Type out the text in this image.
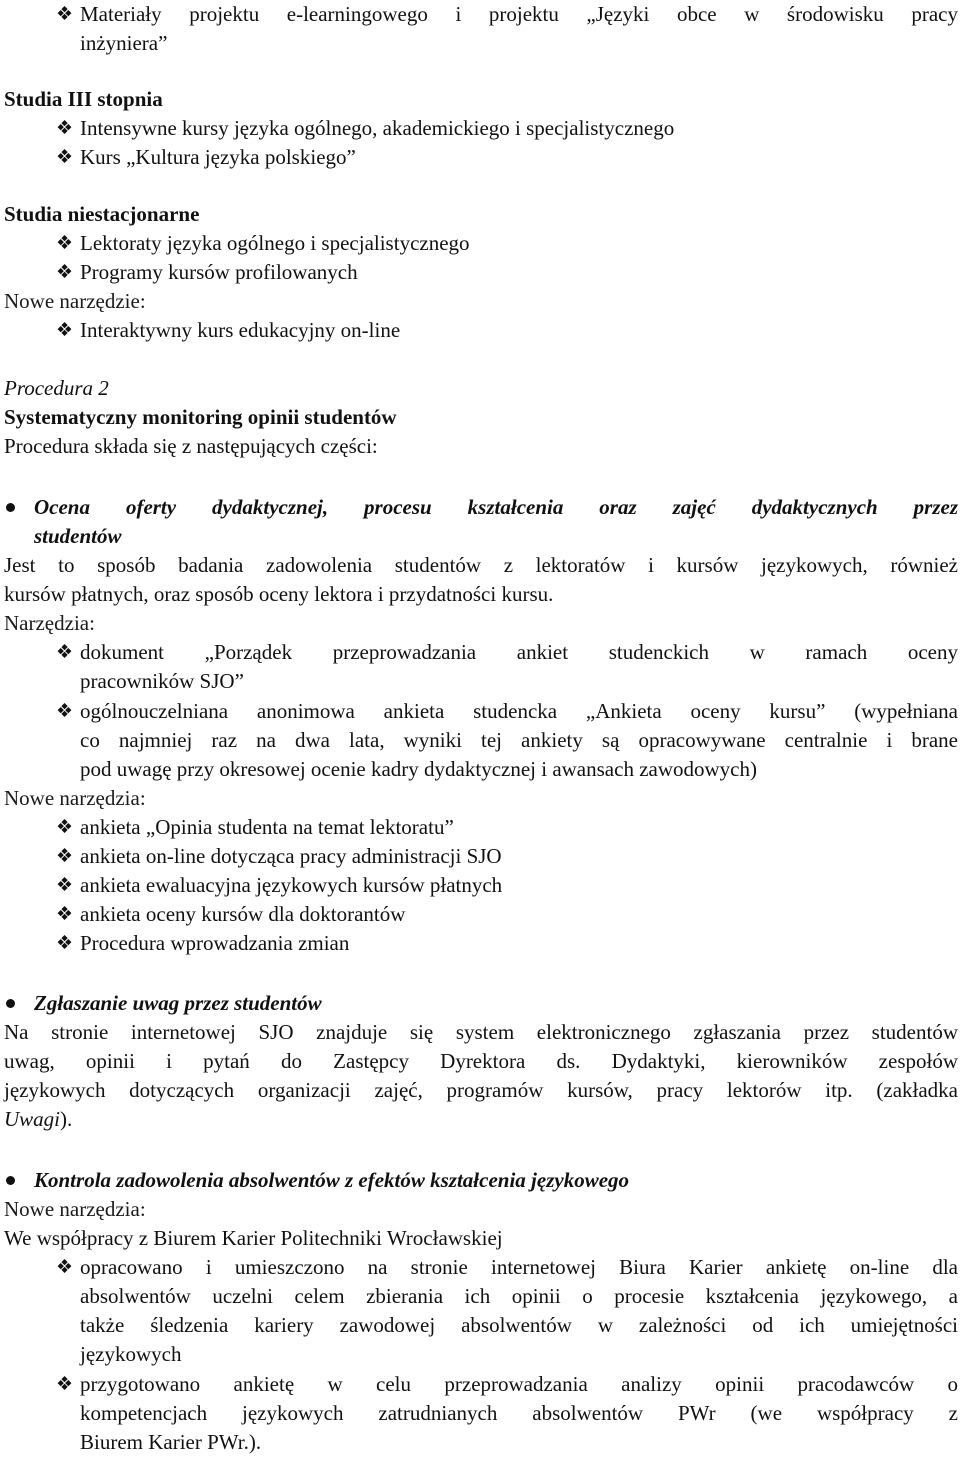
❖ Materiały projektu e-learningowego i projektu „Języki obce w środowisku pracy
inżyniera”
Studia III stopnia
❖ Intensywne kursy języka ogólnego, akademickiego i specjalistycznego
❖ Kurs „Kultura języka polskiego”
Studia niestacjonarne
❖ Lektoraty języka ogólnego i specjalistycznego
❖ Programy kursów profilowanych
Nowe narzędzie:
❖ Interaktywny kurs edukacyjny on-line
Procedura 2
Systematyczny monitoring opinii studentów
Procedura składa się z następujących części:
Ocena oferty dydaktycznej, procesu kształcenia oraz zajęć dydaktycznych przez
studentów
Jest to sposób badania zadowolenia studentów z lektoratów i kursów językowych, również
kursów płatnych, oraz sposób oceny lektora i przydatności kursu.
Narzędzia:
❖ dokument „Porządek przeprowadzania ankiet studenckich w ramach oceny
pracowników SJO”
❖ ogólnouczelniana anonimowa ankieta studencka „Ankieta oceny kursu” (wypełniana
co najmniej raz na dwa lata, wyniki tej ankiety są opracowywane centralnie i brane
pod uwagę przy okresowej ocenie kadry dydaktycznej i awansach zawodowych)
Nowe narzędzia:
❖ ankieta „Opinia studenta na temat lektoratu”
❖ ankieta on-line dotycząca pracy administracji SJO
❖ ankieta ewaluacyjna językowych kursów płatnych
❖ ankieta oceny kursów dla doktorantów
❖ Procedura wprowadzania zmian
Zgłaszanie uwag przez studentów
Na stronie internetowej SJO znajduje się system elektronicznego zgłaszania przez studentów
uwag, opinii i pytań do Zastępcy Dyrektora ds. Dydaktyki, kierowników zespołów
językowych dotyczących organizacji zajęć, programów kursów, pracy lektorów itp. (zakładka
Uwagi).
Kontrola zadowolenia absolwentów z efektów kształcenia językowego
Nowe narzędzia:
We współpracy z Biurem Karier Politechniki Wrocławskiej
❖ opracowano i umieszczono na stronie internetowej Biura Karier ankietę on-line dla
absolwentów uczelni celem zbierania ich opinii o procesie kształcenia językowego, a
także śledzenia kariery zawodowej absolwentów w zależności od ich umiejętności
językowych
❖ przygotowano ankietę w celu przeprowadzania analizy opinii pracodawców o
kompetencjach językowych zatrudnianych absolwentów PWr (we współpracy z
Biurem Karier PWr.).
